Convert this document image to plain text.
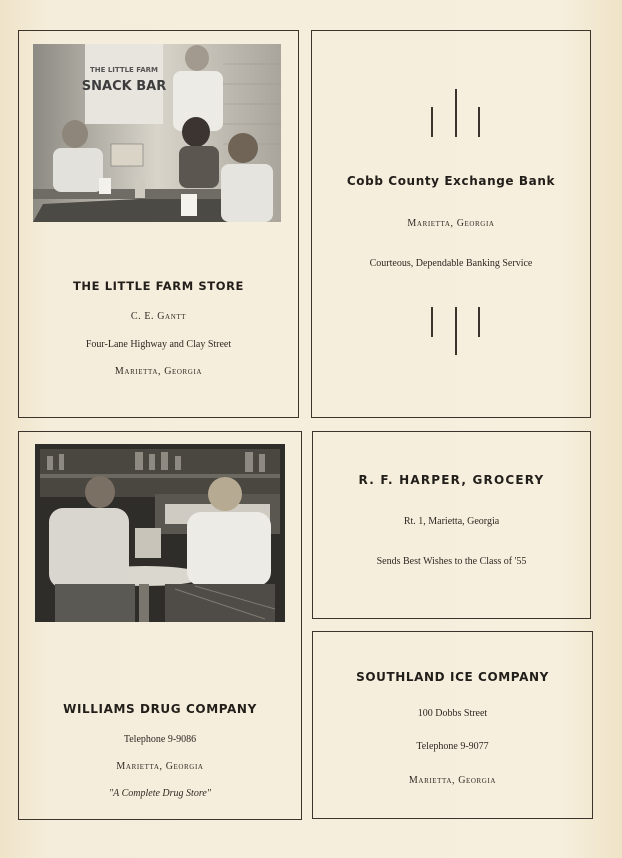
THE LITTLE FARM
SNACK BAR
THE LITTLE FARM STORE
C. E. Gantt
Four-Lane Highway and Clay Street
Marietta, Georgia
Cobb County Exchange Bank
Marietta, Georgia
Courteous, Dependable Banking Service
WILLIAMS DRUG COMPANY
Telephone 9-9086
Marietta, Georgia
"A Complete Drug Store"
R. F. HARPER, GROCERY
Rt. 1, Marietta, Georgia
Sends Best Wishes to the Class of '55
SOUTHLAND ICE COMPANY
100 Dobbs Street
Telephone 9-9077
Marietta, Georgia
